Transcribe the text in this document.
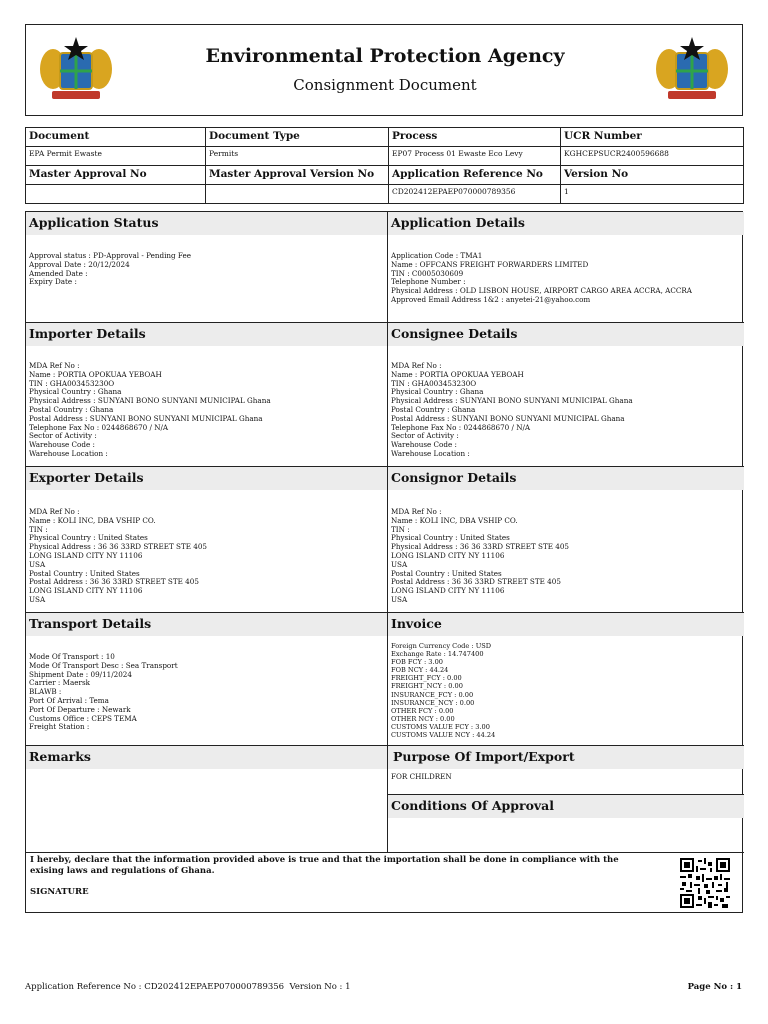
Environmental Protection Agency
Consignment Document
Document	Document Type	Process	UCR Number
EPA Permit Ewaste	Permits	EP07 Process 01 Ewaste Eco Levy	KGHCEPSUCR2400596688
Master Approval No	Master Approval Version No	Application Reference No	Version No
		CD202412EPAEP070000789356	1
Application Status
Approval status : PD-Approval - Pending Fee
Approval Date : 20/12/2024
Amended Date :
Expiry Date :
Application Details
Application Code : TMA1
Name : OFFCANS FREIGHT FORWARDERS LIMITED
TIN : C0005030609
Telephone Number :
Physical Address : OLD LISBON HOUSE, AIRPORT CARGO AREA ACCRA, ACCRA
Approved Email Address 1&2 : anyetei-21@yahoo.com
Importer Details
MDA Ref No :
Name : PORTIA OPOKUAA YEBOAH
TIN : GHA003453230O
Physical Country : Ghana
Physical Address : SUNYANI BONO SUNYANI MUNICIPAL Ghana
Postal Country : Ghana
Postal Address : SUNYANI BONO SUNYANI MUNICIPAL Ghana
Telephone Fax No : 0244868670 / N/A
Sector of Activity :
Warehouse Code :
Warehouse Location :
Consignee Details
MDA Ref No :
Name : PORTIA OPOKUAA YEBOAH
TIN : GHA003453230O
Physical Country : Ghana
Physical Address : SUNYANI BONO SUNYANI MUNICIPAL Ghana
Postal Country : Ghana
Postal Address : SUNYANI BONO SUNYANI MUNICIPAL Ghana
Telephone Fax No : 0244868670 / N/A
Sector of Activity :
Warehouse Code :
Warehouse Location :
Exporter Details
MDA Ref No :
Name : KOLI INC, DBA VSHIP CO.
TIN :
Physical Country : United States
Physical Address : 36 36 33RD STREET STE 405
LONG ISLAND CITY NY 11106
USA
Postal Country : United States
Postal Address : 36 36 33RD STREET STE 405
LONG ISLAND CITY NY 11106
USA
Consignor Details
MDA Ref No :
Name : KOLI INC, DBA VSHIP CO.
TIN :
Physical Country : United States
Physical Address : 36 36 33RD STREET STE 405
LONG ISLAND CITY NY 11106
USA
Postal Country : United States
Postal Address : 36 36 33RD STREET STE 405
LONG ISLAND CITY NY 11106
USA
Transport Details
Mode Of Transport : 10
Mode Of Transport Desc : Sea Transport
Shipment Date : 09/11/2024
Carrier : Maersk
BLAWB :
Port Of Arrival : Tema
Port Of Departure : Newark
Customs Office : CEPS TEMA
Freight Station :
Invoice
Foreign Currency Code : USD
Exchange Rate : 14.747400
FOB FCY : 3.00
FOB NCY : 44.24
FREIGHT_FCY : 0.00
FREIGHT_NCY : 0.00
INSURANCE_FCY : 0.00
INSURANCE_NCY : 0.00
OTHER FCY : 0.00
OTHER NCY : 0.00
CUSTOMS VALUE FCY : 3.00
CUSTOMS VALUE NCY : 44.24
Remarks	Purpose Of Import/Export
FOR CHILDREN
Conditions Of Approval
I hereby, declare that the information provided above is true and that the importation shall be done in compliance with the exising laws and regulations of Ghana.
SIGNATURE
Application Reference No : CD202412EPAEP070000789356  Version No : 1	Page No : 1
